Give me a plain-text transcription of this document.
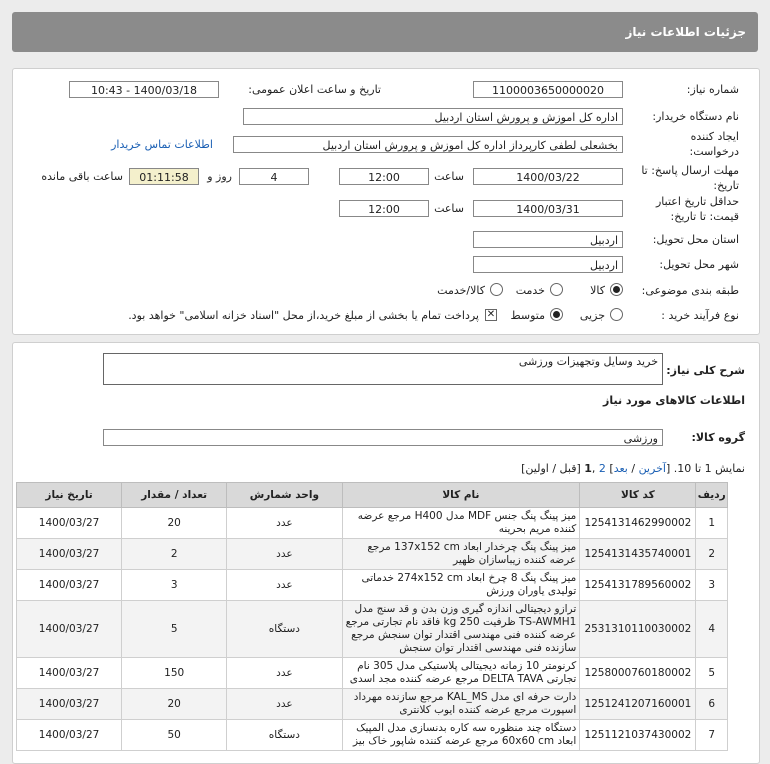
جزئیات اطلاعات نیاز
شماره نیاز:
1100003650000020
تاریخ و ساعت اعلان عمومی:
1400/03/18 - 10:43
نام دستگاه خریدار:
اداره کل اموزش و پرورش استان اردبیل
ایجاد کننده درخواست:
بخشعلی لطفی کارپرداز اداره کل اموزش و پرورش استان اردبیل
اطلاعات تماس خریدار
مهلت ارسال پاسخ: تا تاریخ:
1400/03/22
ساعت
12:00
4
روز و
01:11:58
ساعت باقی مانده
حداقل تاریخ اعتبار قیمت: تا تاریخ:
1400/03/31
ساعت
12:00
استان محل تحویل:
اردبیل
شهر محل تحویل:
اردبیل
طبقه بندی موضوعی:
کالا
خدمت
کالا/خدمت
نوع فرآیند خرید :
جزیی
متوسط
✕
پرداخت تمام یا بخشی از مبلغ خرید،از محل "اسناد خزانه اسلامی" خواهد بود.
شرح کلی نیاز:
خرید وسایل وتجهیزات ورزشی
اطلاعات کالاهای مورد نیاز
گروه کالا:
ورزشی
نمایش 1 تا 10. [آخرین / بعد] 2 ,1 [قبل / اولین]
ردیف	کد کالا	نام کالا	واحد شمارش	تعداد / مقدار	تاریخ نیاز
1	1254131462990002	میز پینگ پنگ جنس MDF مدل H400 مرجع عرضه کننده مریم بحرینه	عدد	20	1400/03/27
2	1254131435740001	میز پینگ پنگ چرخدار ابعاد 137x152 cm مرجع عرضه کننده زیباسازان ظهیر	عدد	2	1400/03/27
3	1254131789560002	میز پینگ پنگ 8 چرخ ابعاد 274x152 cm خدماتی تولیدی یاوران ورزش	عدد	3	1400/03/27
4	2531310110030002	ترازو دیجیتالی اندازه گیری وزن بدن و قد سنج مدل TS-AWMH1 ظرفیت 250 kg فاقد نام تجارتی مرجع عرضه کننده فنی مهندسی اقتدار توان سنجش مرجع سازنده فنی مهندسی اقتدار توان سنجش	دستگاه	5	1400/03/27
5	1258000760180002	کرنومتر 10 زمانه دیجیتالی پلاستیکی مدل 305 نام تجارتی DELTA TAVA مرجع عرضه کننده مجد اسدی	عدد	150	1400/03/27
6	1251241207160001	دارت حرفه ای مدل KAL_MS مرجع سازنده مهرداد اسپورت مرجع عرضه کننده ایوب کلانتری	عدد	20	1400/03/27
7	1251121037430002	دستگاه چند منظوره سه کاره بدنسازی مدل المپیک ابعاد 60x60 cm مرجع عرضه کننده شاپور خاک بیز	دستگاه	50	1400/03/27
